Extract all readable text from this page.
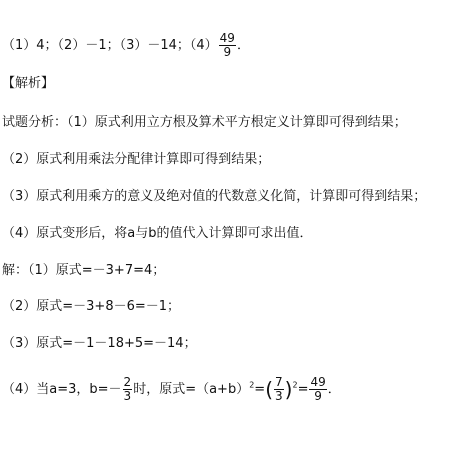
（1）4；（2）－1；（3）－14；$(4) \frac{49}{9}$ ．
【解析】
试题分析：（1）原式利用立方根及算术平方根定义计算即可得到结果；
（2）原式利用乘法分配律计算即可得到结果；
（3）原式利用乘方的意义及绝对值的代数意义化简，计算即可得到结果；
（4）原式变形后，将a与b的值代入计算即可求出值．
解：（1）原式=－3+7=4；
（2）原式=－3+8－6=－1；
（3）原式=－1－18+5=－14；
（4）当a=3，$b=- \frac{2}{3}$ 时，原式$=(a+b)^2=( \frac{7}{3} )^2= \frac{49}{9}$ ．
